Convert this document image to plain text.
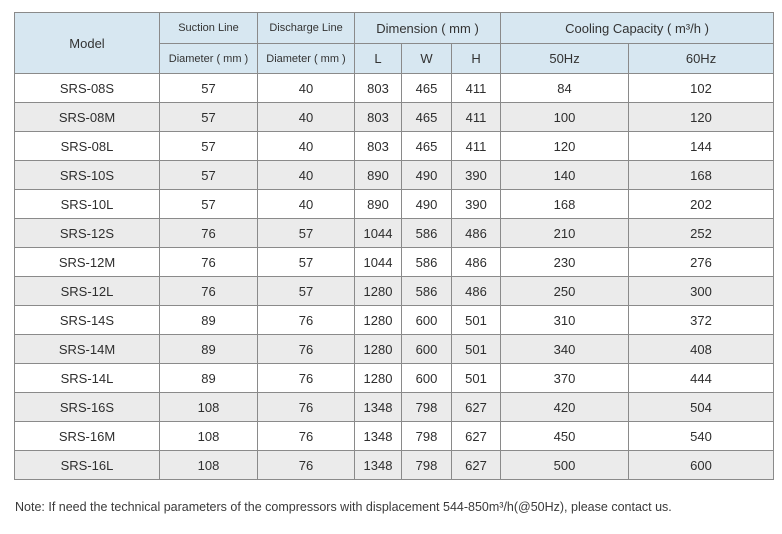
Model	Suction Line	Discharge Line	Dimension ( mm )			Cooling Capacity ( m³/h )	
	Diameter ( mm )	Diameter ( mm )	L	W	H	50Hz	60Hz
SRS-08S	57	40	803	465	411	84	102
SRS-08M	57	40	803	465	411	100	120
SRS-08L	57	40	803	465	411	120	144
SRS-10S	57	40	890	490	390	140	168
SRS-10L	57	40	890	490	390	168	202
SRS-12S	76	57	1044	586	486	210	252
SRS-12M	76	57	1044	586	486	230	276
SRS-12L	76	57	1280	586	486	250	300
SRS-14S	89	76	1280	600	501	310	372
SRS-14M	89	76	1280	600	501	340	408
SRS-14L	89	76	1280	600	501	370	444
SRS-16S	108	76	1348	798	627	420	504
SRS-16M	108	76	1348	798	627	450	540
SRS-16L	108	76	1348	798	627	500	600

Note: If need the technical parameters of the compressors with displacement 544-850m³/h(@50Hz), please contact us.
